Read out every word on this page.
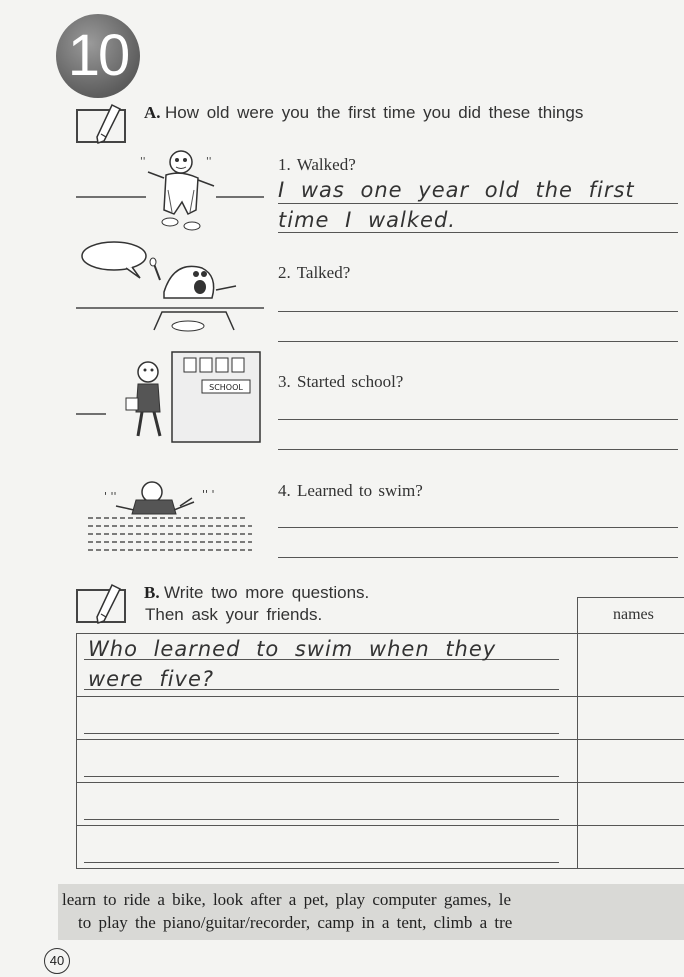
10
A. How old were you the first time you did these things
''	''	1. Walked?
I was one year old the first
time I walked.
2. Talked?
SCHOOL 3. Started school?
' ''	'' '	4. Learned to swim?
B. Write two more questions.
Then ask your friends.	names
Who learned to swim when they
were five?
learn to ride a bike, look after a pet, play computer games, le
to play the piano/guitar/recorder, camp in a tent, climb a tre
40
